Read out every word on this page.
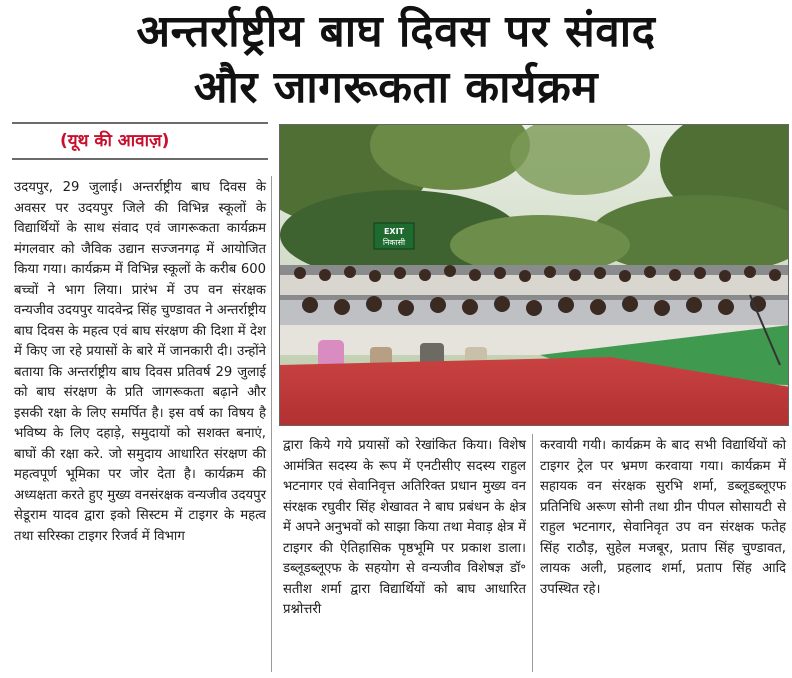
अन्तर्राष्ट्रीय बाघ दिवस पर संवाद
और जागरूकता कार्यक्रम
(यूथ की आवाज़)
EXIT
निकासी

उदयपुर, 29 जुलाई। अन्तर्राष्ट्रीय बाघ दिवस के अवसर पर उदयपुर जिले की विभिन्न स्कूलों के विद्यार्थियों के साथ संवाद एवं जागरूकता कार्यक्रम मंगलवार को जैविक उद्यान सज्जनगढ़ में आयोजित किया गया। कार्यक्रम में विभिन्न स्कूलों के करीब 600 बच्चों ने भाग लिया। प्रारंभ में उप वन संरक्षक वन्यजीव उदयपुर यादवेन्द्र सिंह चुण्डावत ने अन्तर्राष्ट्रीय बाघ दिवस के महत्व एवं बाघ संरक्षण की दिशा में देश में किए जा रहे प्रयासों के बारे में जानकारी दी। उन्होंने बताया कि अन्तर्राष्ट्रीय बाघ दिवस प्रतिवर्ष 29 जुलाई को बाघ संरक्षण के प्रति जागरूकता बढ़ाने और इसकी रक्षा के लिए समर्पित है। इस वर्ष का विषय है भविष्य के लिए दहाड़े, समुदायों को सशक्त बनाएं, बाघों की रक्षा करे. जो समुदाय आधारित संरक्षण की महत्वपूर्ण भूमिका पर जोर देता है। कार्यक्रम की अध्यक्षता करते हुए मुख्य वनसंरक्षक वन्यजीव उदयपुर सेडूराम यादव द्वारा इको सिस्टम में टाइगर के महत्व तथा सरिस्का टाइगर रिजर्व में विभाग

द्वारा किये गये प्रयासों को रेखांकित किया। विशेष आमंत्रित सदस्य के रूप में एनटीसीए सदस्य राहुल भटनागर एवं सेवानिवृत्त अतिरिक्त प्रधान मुख्य वन संरक्षक रघुवीर सिंह शेखावत ने बाघ प्रबंधन के क्षेत्र में अपने अनुभवों को साझा किया तथा मेवाड़ क्षेत्र में टाइगर की ऐतिहासिक पृष्ठभूमि पर प्रकाश डाला। डब्लूडब्लूएफ के सहयोग से वन्यजीव विशेषज्ञ डॉ॰ सतीश शर्मा द्वारा विद्यार्थियों को बाघ आधारित प्रश्नोत्तरी

करवायी गयी। कार्यक्रम के बाद सभी विद्यार्थियों को टाइगर ट्रेल पर भ्रमण करवाया गया। कार्यक्रम में सहायक वन संरक्षक सुरभि शर्मा, डब्लूडब्लूएफ प्रतिनिधि अरूण सोनी तथा ग्रीन पीपल सोसायटी से राहुल भटनागर, सेवानिवृत उप वन संरक्षक फतेह सिंह राठौड़, सुहेल मजबूर, प्रताप सिंह चुण्डावत, लायक अली, प्रहलाद शर्मा, प्रताप सिंह आदि उपस्थित रहे।
